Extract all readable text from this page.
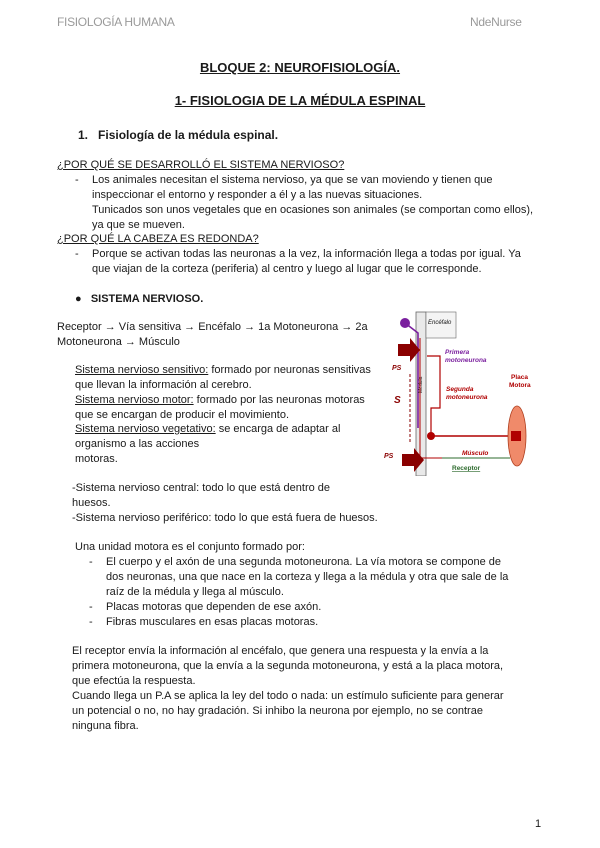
FISIOLOGÍA HUMANA	NdeNurse
BLOQUE 2: NEUROFISIOLOGÍA.
1- FISIOLOGIA DE LA MÉDULA ESPINAL
1. Fisiología de la médula espinal.
¿POR QUÉ SE DESARROLLÓ EL SISTEMA NERVIOSO?
- Los animales necesitan el sistema nervioso, ya que se van moviendo y tienen que
inspeccionar el entorno y responder a él y a las nuevas situaciones.
Tunicados son unos vegetales que en ocasiones son animales (se comportan como ellos),
ya que se mueven.
¿POR QUÉ LA CABEZA ES REDONDA?
- Porque se activan todas las neuronas a la vez, la información llega a todas por igual. Ya
que viajan de la corteza (periferia) al centro y luego al lugar que le corresponde.
● SISTEMA NERVIOSO.
Receptor → Vía sensitiva → Encéfalo → 1a Motoneurona → 2a
Motoneurona → Músculo
Sistema nervioso sensitivo: formado por neuronas sensitivas
que llevan la información al cerebro.
Sistema nervioso motor: formado por las neuronas motoras
que se encargan de producir el movimiento.
Sistema nervioso vegetativo: se encarga de adaptar al
organismo a las acciones
motoras.
Encéfalo
Médula
PS
PS
S
Primera
motoneurona
Segunda
motoneurona
Placa
Motora
Músculo
Receptor
-Sistema nervioso central: todo lo que está dentro de
huesos.
-Sistema nervioso periférico: todo lo que está fuera de huesos.
Una unidad motora es el conjunto formado por:
- El cuerpo y el axón de una segunda motoneurona. La vía motora se compone de
dos neuronas, una que nace en la corteza y llega a la médula y otra que sale de la
raíz de la médula y llega al músculo.
- Placas motoras que dependen de ese axón.
- Fibras musculares en esas placas motoras.
El receptor envía la información al encéfalo, que genera una respuesta y la envía a la
primera motoneurona, que la envía a la segunda motoneurona, y está a la placa motora,
que efectúa la respuesta.
Cuando llega un P.A se aplica la ley del todo o nada: un estímulo suficiente para generar
un potencial o no, no hay gradación. Si inhibo la neurona por ejemplo, no se contrae
ninguna fibra.
1
